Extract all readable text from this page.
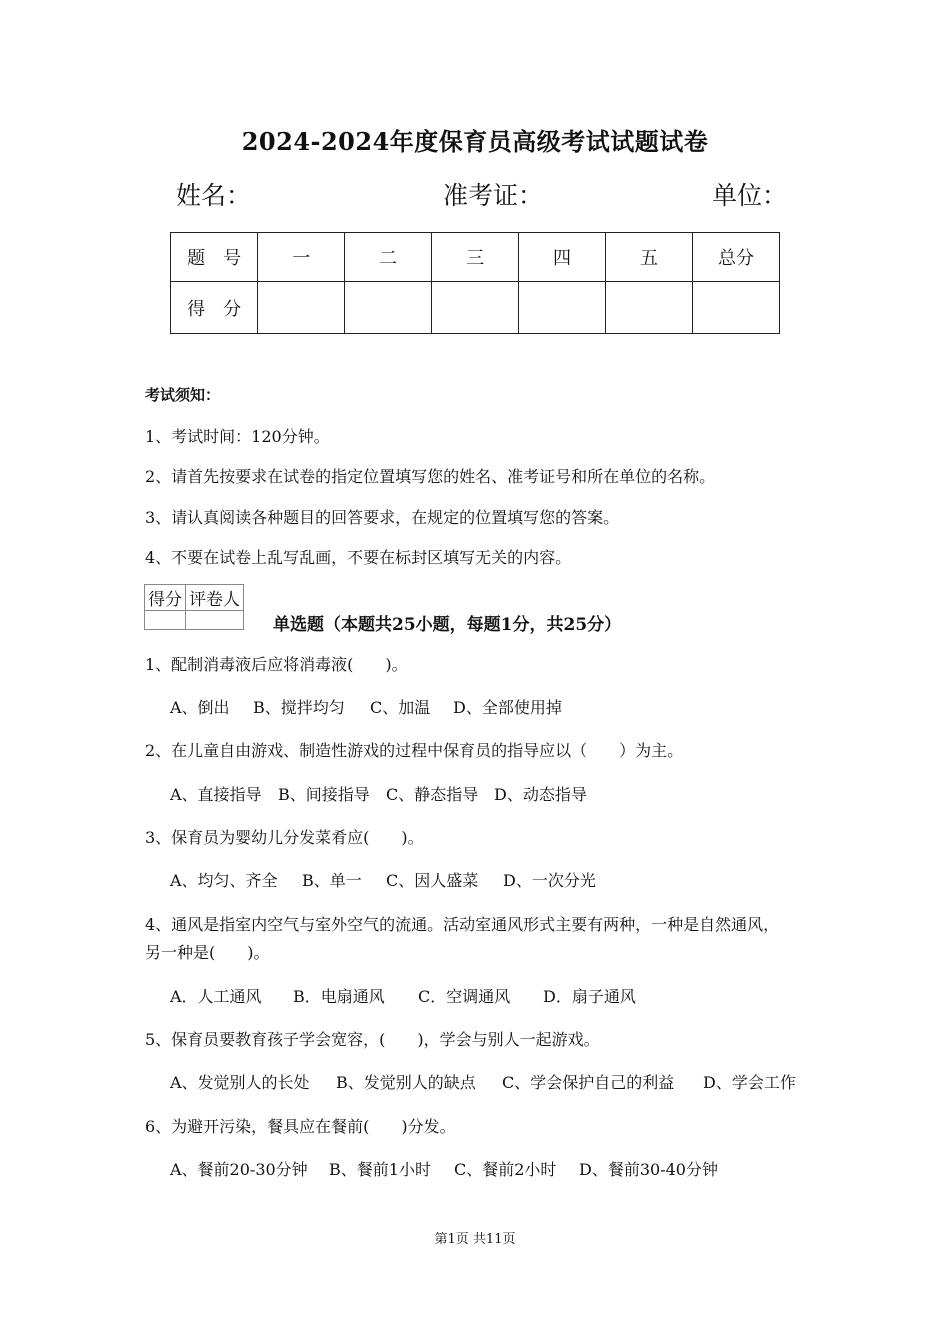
2024-2024年度保育员高级考试试题试卷
姓名：	准考证：	单位：
题　号	一	二	三	四	五	总分
得　分						
考试须知：
1、考试时间：120分钟。
2、请首先按要求在试卷的指定位置填写您的姓名、准考证号和所在单位的名称。
3、请认真阅读各种题目的回答要求，在规定的位置填写您的答案。
4、不要在试卷上乱写乱画，不要在标封区填写无关的内容。
得分	评卷人

单选题（本题共25小题，每题1分，共25分）
1、配制消毒液后应将消毒液(　　)。
A、倒出 B、搅拌均匀 C、加温 D、全部使用掉
2、在儿童自由游戏、制造性游戏的过程中保育员的指导应以（　　）为主。
A、直接指导 B、间接指导 C、静态指导 D、动态指导
3、保育员为婴幼儿分发菜肴应(　　)。
A、均匀、齐全 B、单一 C、因人盛菜 D、一次分光
4、通风是指室内空气与室外空气的流通。活动室通风形式主要有两种，一种是自然通风，
另一种是(　　)。
A．人工通风 B．电扇通风 C．空调通风 D．扇子通风
5、保育员要教育孩子学会宽容，(　　)，学会与别人一起游戏。
A、发觉别人的长处 B、发觉别人的缺点 C、学会保护自己的利益 D、学会工作
6、为避开污染，餐具应在餐前(　　)分发。
A、餐前20-30分钟 B、餐前1小时 C、餐前2小时 D、餐前30-40分钟
第1页 共11页
